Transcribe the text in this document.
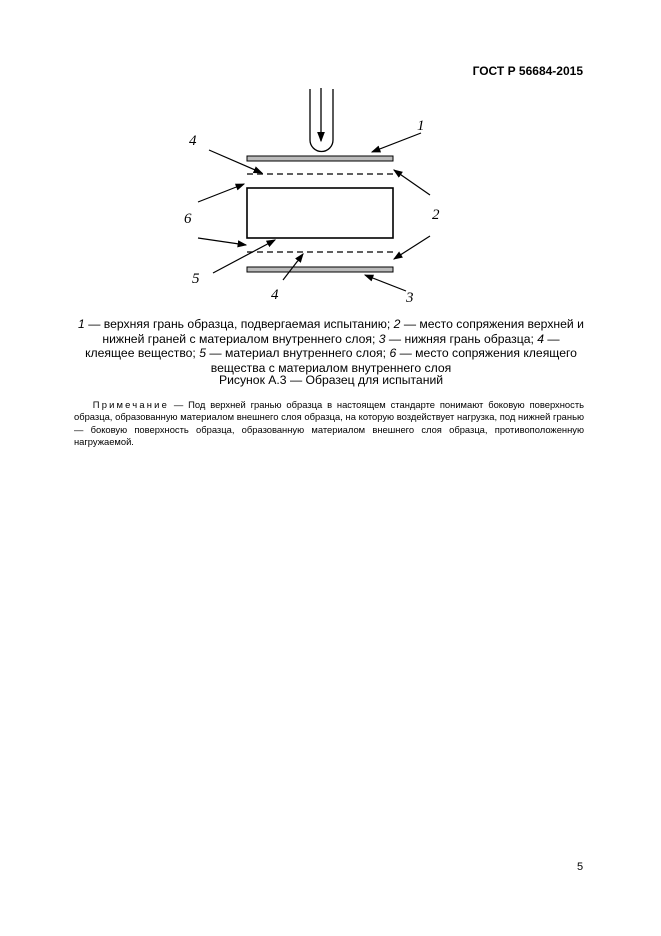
ГОСТ Р 56684-2015
1
4
6	2
5
4	3
1 — верхняя грань образца, подвергаемая испытанию; 2 — место сопряжения верхней и нижней граней с материалом внутреннего слоя; 3 — нижняя грань образца; 4 — клеящее вещество; 5 — материал внутреннего слоя; 6 — место сопряжения клеящего вещества с материалом внутреннего слоя
Рисунок А.3 — Образец для испытаний
  Примечание — Под верхней гранью образца в настоящем стандарте понимают боковую поверхность образца, образованную материалом внешнего слоя образца, на которую воздействует нагрузка, под нижней гранью — боковую поверхность образца, образованную материалом внешнего слоя образца, противоположенную нагружаемой.
5
